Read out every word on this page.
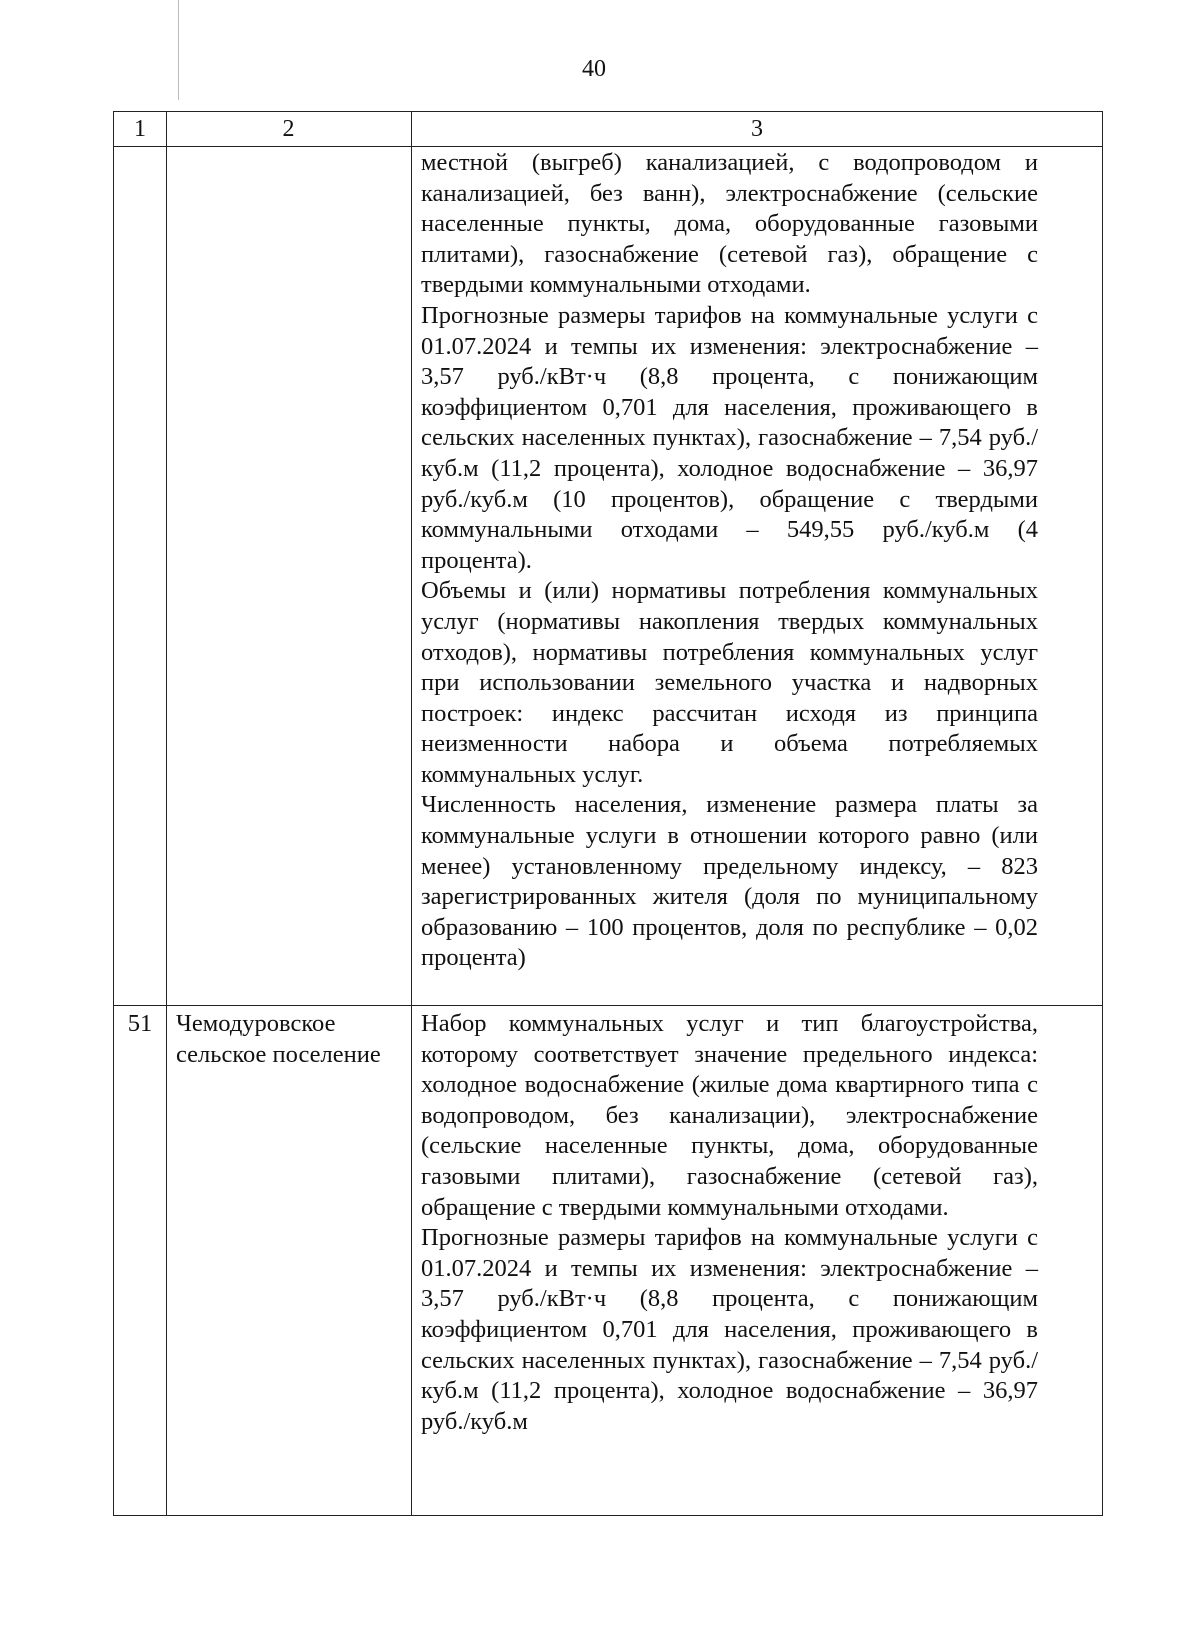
40
1	2	3

местной (выгреб) канализацией, с водопроводом и канализацией, без ванн), электроснабжение (сельские населенные пункты, дома, оборудованные газовыми плитами), газоснабжение (сетевой газ), обращение с твердыми коммунальными отходами.

Прогнозные размеры тарифов на коммунальные услуги с 01.07.2024 и темпы их изменения: электроснабжение – 3,57 руб./кВт·ч (8,8 процента, с понижающим коэффициентом 0,701 для населения, проживающего в сельских населенных пунктах), газоснабжение – 7,54 руб./куб.м (11,2 процента), холодное водоснабжение – 36,97 руб./куб.м (10 процентов), обращение с твердыми коммунальными отходами – 549,55 руб./куб.м (4 процента).

Объемы и (или) нормативы потребления коммунальных услуг (нормативы накопления твердых коммунальных отходов), нормативы потребления коммунальных услуг при использовании земельного участка и надворных построек: индекс рассчитан исходя из принципа неизменности набора и объема потребляемых коммунальных услуг.

Численность населения, изменение размера платы за коммунальные услуги в отношении которого равно (или менее) установленному предельному индексу, – 823 зарегистрированных жителя (доля по муниципальному образованию – 100 процентов, доля по республике – 0,02 процента)

51 Чемодуровское

сельское поселение

Набор коммунальных услуг и тип благоустройства, которому соответствует значение предельного индекса: холодное водоснабжение (жилые дома квартирного типа с водопроводом, без канализации), электроснабжение (сельские населенные пункты, дома, оборудованные газовыми плитами), газоснабжение (сетевой газ), обращение с твердыми коммунальными отходами.

Прогнозные размеры тарифов на коммунальные услуги с 01.07.2024 и темпы их изменения: электроснабжение – 3,57 руб./кВт·ч (8,8 процента, с понижающим коэффициентом 0,701 для населения, проживающего в сельских населенных пунктах), газоснабжение – 7,54 руб./куб.м (11,2 процента), холодное водоснабжение – 36,97 руб./куб.м
